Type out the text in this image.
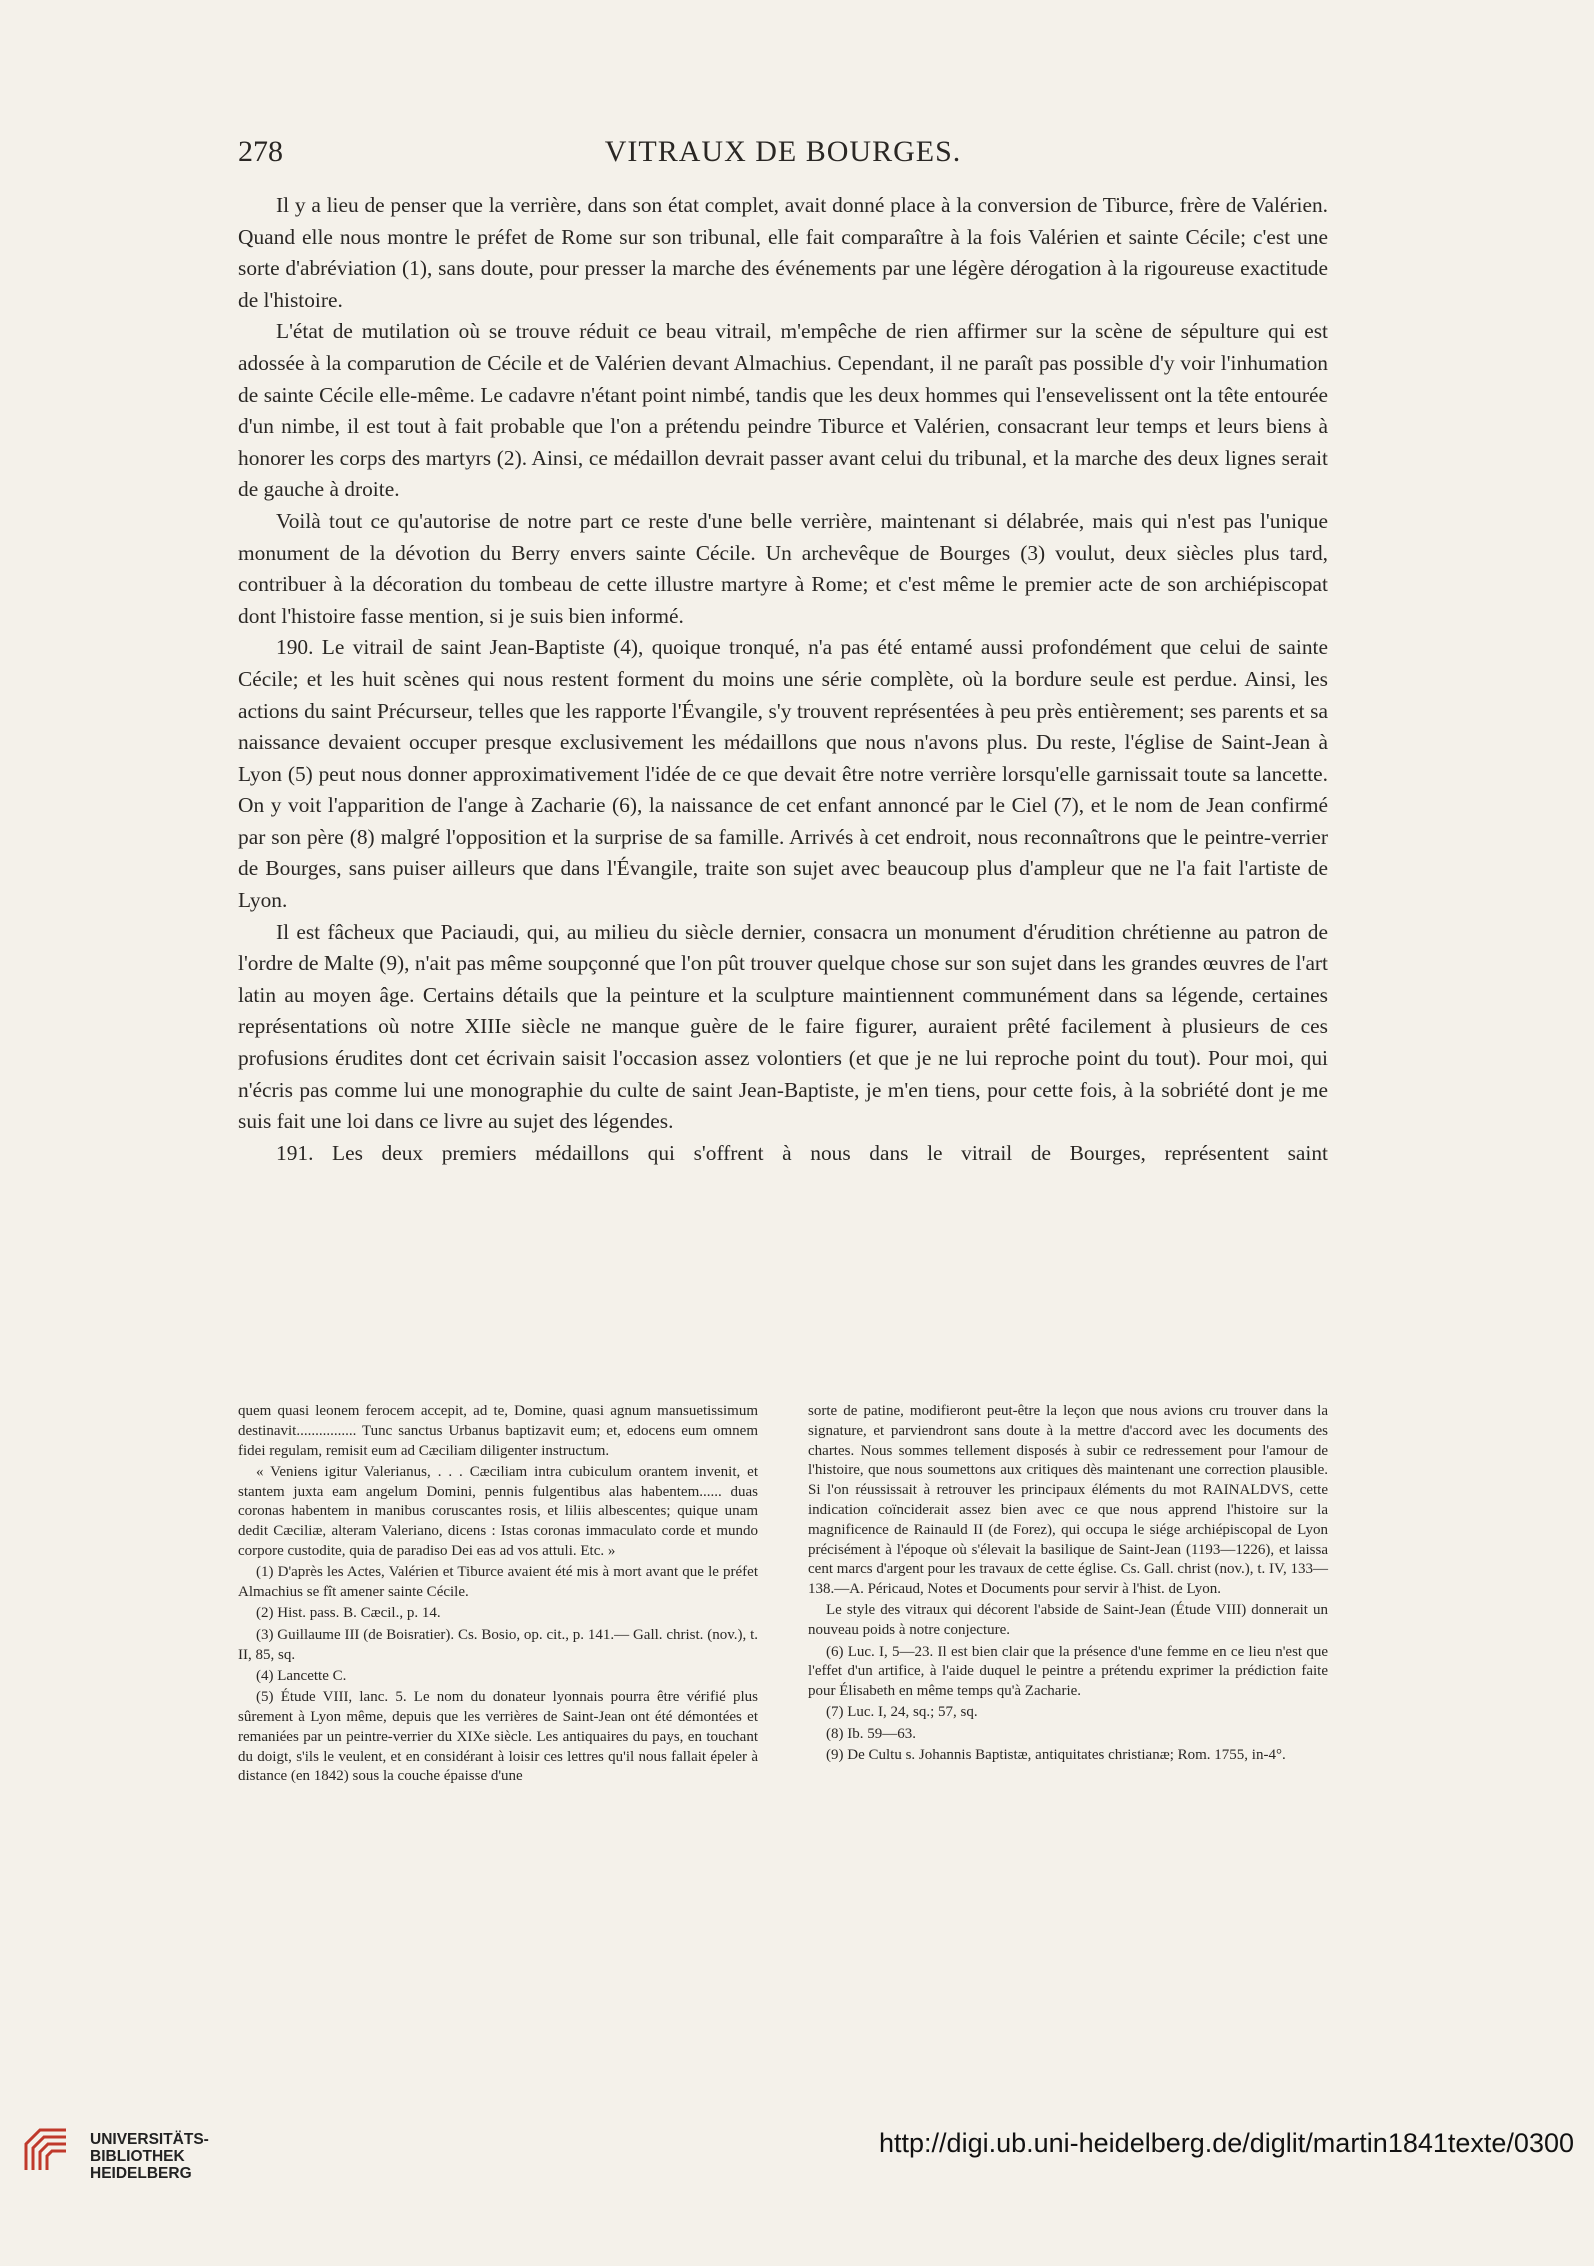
278	VITRAUX DE BOURGES.

Il y a lieu de penser que la verrière, dans son état complet, avait donné place à la conversion de Tiburce, frère de Valérien. Quand elle nous montre le préfet de Rome sur son tribunal, elle fait comparaître à la fois Valérien et sainte Cécile; c'est une sorte d'abréviation (1), sans doute, pour presser la marche des événements par une légère dérogation à la rigoureuse exactitude de l'histoire.

L'état de mutilation où se trouve réduit ce beau vitrail, m'empêche de rien affirmer sur la scène de sépulture qui est adossée à la comparution de Cécile et de Valérien devant Almachius. Cependant, il ne paraît pas possible d'y voir l'inhumation de sainte Cécile elle-même. Le cadavre n'étant point nimbé, tandis que les deux hommes qui l'ensevelissent ont la tête entourée d'un nimbe, il est tout à fait probable que l'on a prétendu peindre Tiburce et Valérien, consacrant leur temps et leurs biens à honorer les corps des martyrs (2). Ainsi, ce médaillon devrait passer avant celui du tribunal, et la marche des deux lignes serait de gauche à droite.

Voilà tout ce qu'autorise de notre part ce reste d'une belle verrière, maintenant si délabrée, mais qui n'est pas l'unique monument de la dévotion du Berry envers sainte Cécile. Un archevêque de Bourges (3) voulut, deux siècles plus tard, contribuer à la décoration du tombeau de cette illustre martyre à Rome; et c'est même le premier acte de son archiépiscopat dont l'histoire fasse mention, si je suis bien informé.

190. Le vitrail de saint Jean-Baptiste (4), quoique tronqué, n'a pas été entamé aussi profondément que celui de sainte Cécile; et les huit scènes qui nous restent forment du moins une série complète, où la bordure seule est perdue. Ainsi, les actions du saint Précurseur, telles que les rapporte l'Évangile, s'y trouvent représentées à peu près entièrement; ses parents et sa naissance devaient occuper presque exclusivement les médaillons que nous n'avons plus. Du reste, l'église de Saint-Jean à Lyon (5) peut nous donner approximativement l'idée de ce que devait être notre verrière lorsqu'elle garnissait toute sa lancette. On y voit l'apparition de l'ange à Zacharie (6), la naissance de cet enfant annoncé par le Ciel (7), et le nom de Jean confirmé par son père (8) malgré l'opposition et la surprise de sa famille. Arrivés à cet endroit, nous reconnaîtrons que le peintre-verrier de Bourges, sans puiser ailleurs que dans l'Évangile, traite son sujet avec beaucoup plus d'ampleur que ne l'a fait l'artiste de Lyon.

Il est fâcheux que Paciaudi, qui, au milieu du siècle dernier, consacra un monument d'érudition chrétienne au patron de l'ordre de Malte (9), n'ait pas même soupçonné que l'on pût trouver quelque chose sur son sujet dans les grandes œuvres de l'art latin au moyen âge. Certains détails que la peinture et la sculpture maintiennent communément dans sa légende, certaines représentations où notre XIIIe siècle ne manque guère de le faire figurer, auraient prêté facilement à plusieurs de ces profusions érudites dont cet écrivain saisit l'occasion assez volontiers (et que je ne lui reproche point du tout). Pour moi, qui n'écris pas comme lui une monographie du culte de saint Jean-Baptiste, je m'en tiens, pour cette fois, à la sobriété dont je me suis fait une loi dans ce livre au sujet des légendes.

191. Les deux premiers médaillons qui s'offrent à nous dans le vitrail de Bourges, représentent saint

quem quasi leonem ferocem accepit, ad te, Domine, quasi agnum mansuetissimum destinavit................ Tunc sanctus Urbanus baptizavit eum; et, edocens eum omnem fidei regulam, remisit eum ad Cæciliam diligenter instructum.

« Veniens igitur Valerianus, . . . Cæciliam intra cubiculum orantem invenit, et stantem juxta eam angelum Domini, pennis fulgentibus alas habentem...... duas coronas habentem in manibus coruscantes rosis, et liliis albescentes; quique unam dedit Cæciliæ, alteram Valeriano, dicens : Istas coronas immaculato corde et mundo corpore custodite, quia de paradiso Dei eas ad vos attuli. Etc. »

(1) D'après les Actes, Valérien et Tiburce avaient été mis à mort avant que le préfet Almachius se fît amener sainte Cécile.

(2) Hist. pass. B. Cæcil., p. 14.

(3) Guillaume III (de Boisratier). Cs. Bosio, op. cit., p. 141.— Gall. christ. (nov.), t. II, 85, sq.

(4) Lancette C.

(5) Étude VIII, lanc. 5. Le nom du donateur lyonnais pourra être vérifié plus sûrement à Lyon même, depuis que les verrières de Saint-Jean ont été démontées et remaniées par un peintre-verrier du XIXe siècle. Les antiquaires du pays, en touchant du doigt, s'ils le veulent, et en considérant à loisir ces lettres qu'il nous fallait épeler à distance (en 1842) sous la couche épaisse d'une

sorte de patine, modifieront peut-être la leçon que nous avions cru trouver dans la signature, et parviendront sans doute à la mettre d'accord avec les documents des chartes. Nous sommes tellement disposés à subir ce redressement pour l'amour de l'histoire, que nous soumettons aux critiques dès maintenant une correction plausible. Si l'on réussissait à retrouver les principaux éléments du mot RAINALDVS, cette indication coïnciderait assez bien avec ce que nous apprend l'histoire sur la magnificence de Rainauld II (de Forez), qui occupa le siége archiépiscopal de Lyon précisément à l'époque où s'élevait la basilique de Saint-Jean (1193—1226), et laissa cent marcs d'argent pour les travaux de cette église. Cs. Gall. christ (nov.), t. IV, 133—138.—A. Péricaud, Notes et Documents pour servir à l'hist. de Lyon.

Le style des vitraux qui décorent l'abside de Saint-Jean (Étude VIII) donnerait un nouveau poids à notre conjecture.

(6) Luc. I, 5—23. Il est bien clair que la présence d'une femme en ce lieu n'est que l'effet d'un artifice, à l'aide duquel le peintre a prétendu exprimer la prédiction faite pour Élisabeth en même temps qu'à Zacharie.

(7) Luc. I, 24, sq.; 57, sq.

(8) Ib. 59—63.

(9) De Cultu s. Johannis Baptistæ, antiquitates christianæ; Rom. 1755, in-4°.

UNIVERSITÄTS-
BIBLIOTHEK
HEIDELBERG
http://digi.ub.uni-heidelberg.de/diglit/martin1841texte/0300
